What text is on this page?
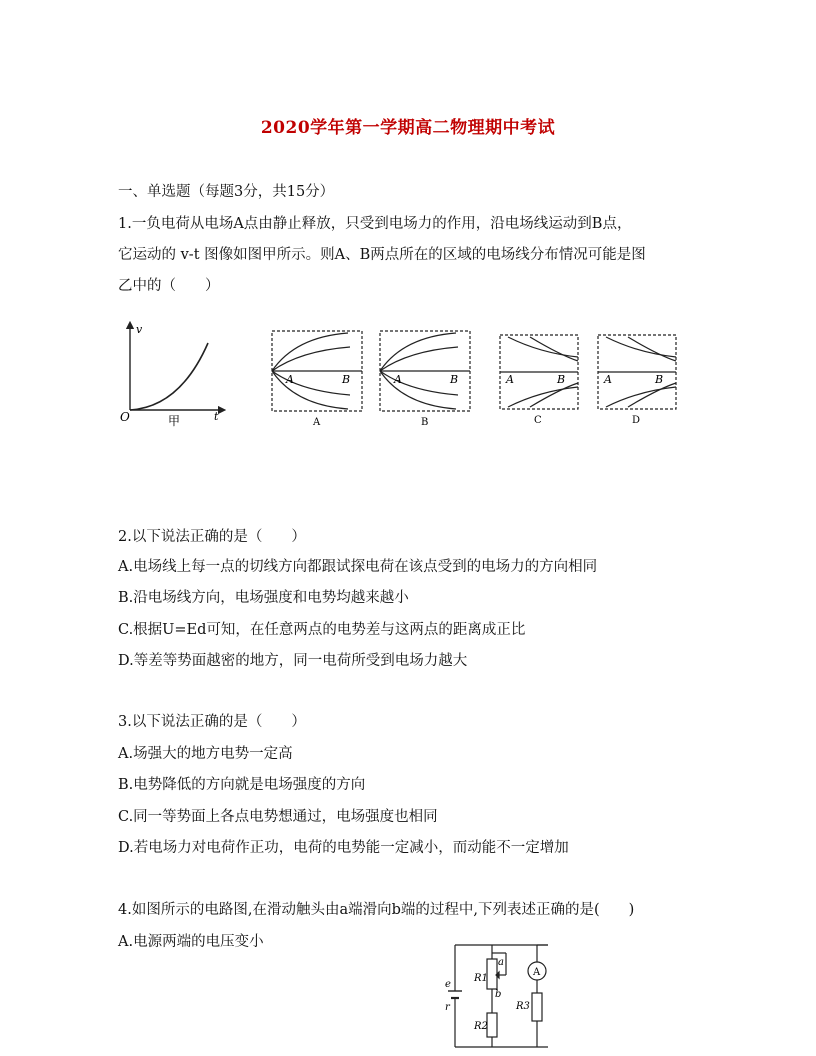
2020学年第一学期高二物理期中考试
一、单选题（每题3分，共15分）
1.一负电荷从电场A点由静止释放，只受到电场力的作用，沿电场线运动到B点，
它运动的 v-t 图像如图甲所示。则A、B两点所在的区域的电场线分布情况可能是图
乙中的（　　）
v
t
O	甲
A	B
A
A	B
B
A	B
C
A	B
D
2.以下说法正确的是（　　）
A.电场线上每一点的切线方向都跟试探电荷在该点受到的电场力的方向相同
B.沿电场线方向，电场强度和电势均越来越小
C.根据U=Ed可知，在任意两点的电势差与这两点的距离成正比
D.等差等势面越密的地方，同一电荷所受到电场力越大
3.以下说法正确的是（　　）
A.场强大的地方电势一定高
B.电势降低的方向就是电场强度的方向
C.同一等势面上各点电势想通过，电场强度也相同
D.若电场力对电荷作正功，电荷的电势能一定减小，而动能不一定增加
4.如图所示的电路图,在滑动触头由a端滑向b端的过程中,下列表述正确的是(　　)
A.电源两端的电压变小
R1
a
b
R2
R3
e
r
A
